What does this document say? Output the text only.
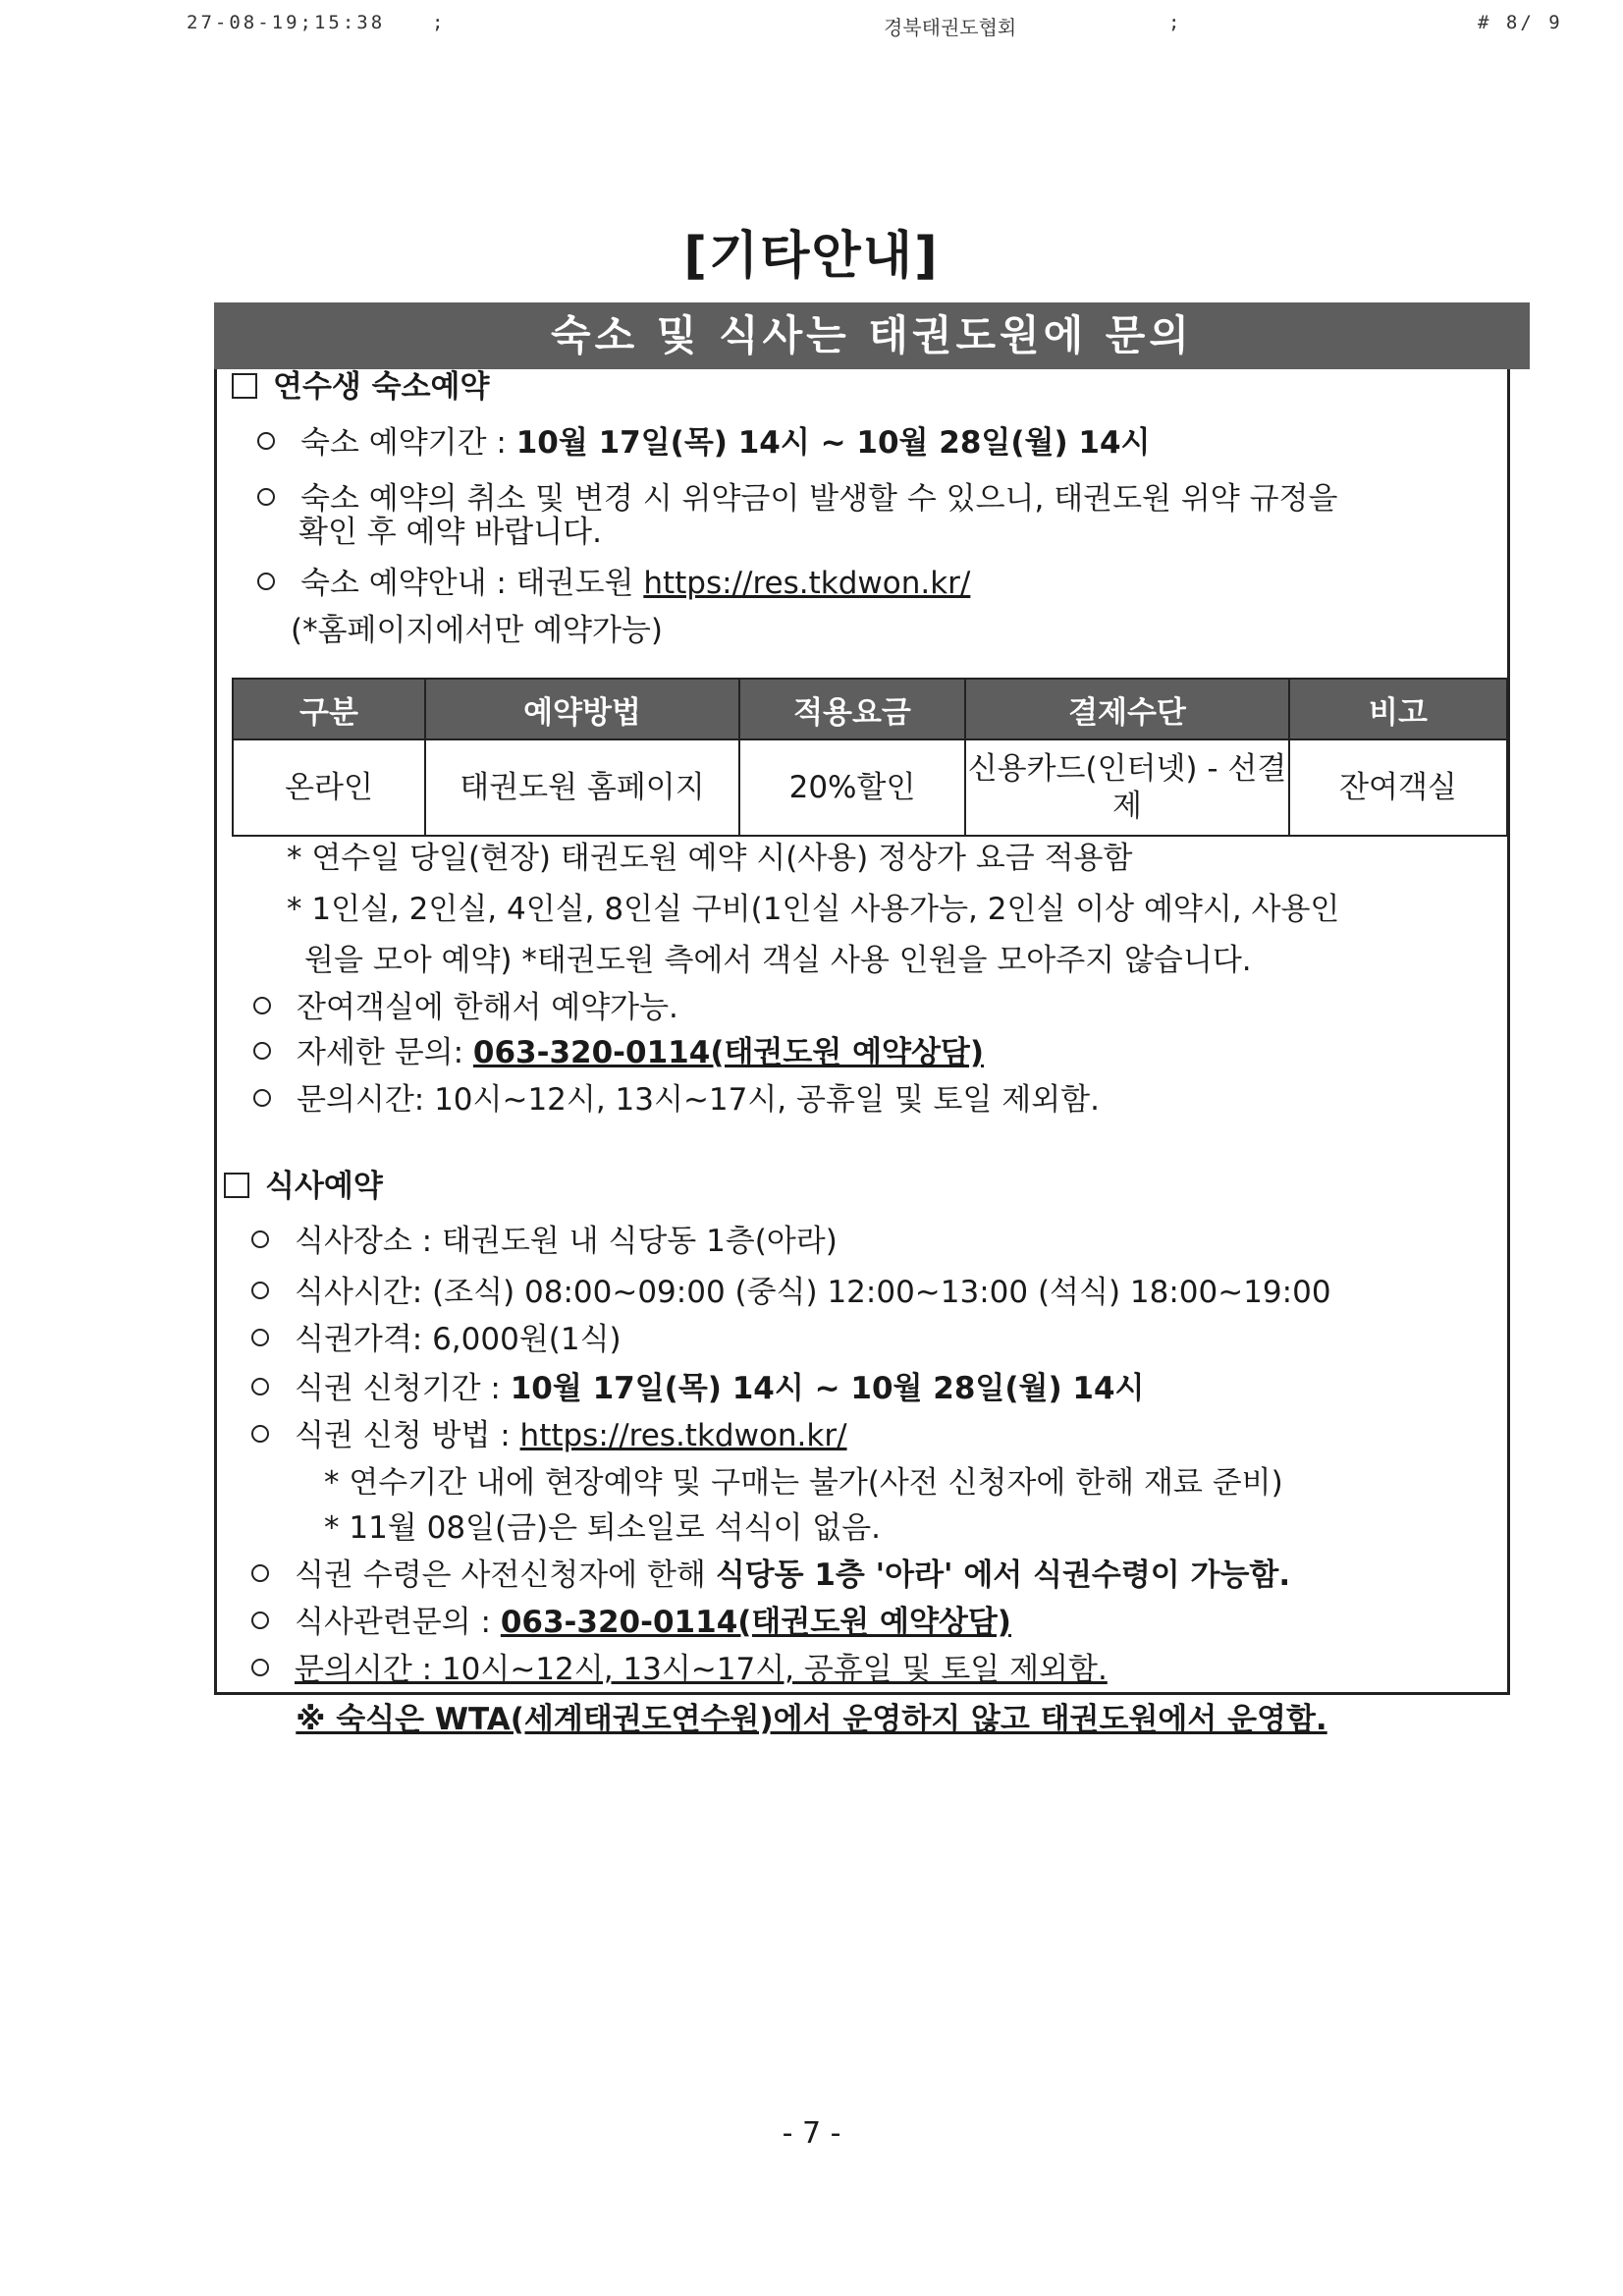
27-08-19;15:38	;	경북태권도협회	;	# 8/ 9
[기타안내]
숙소 및 식사는 태권도원에 문의
연수생 숙소예약
숙소 예약기간 : 10월 17일(목) 14시 ~ 10월 28일(월) 14시
숙소 예약의 취소 및 변경 시 위약금이 발생할 수 있으니, 태권도원 위약 규정을
확인 후 예약 바랍니다.
숙소 예약안내 : 태권도원 https://res.tkdwon.kr/
(*홈페이지에서만 예약가능)
구분	예약방법	적용요금	결제수단	비고
온라인	태권도원 홈페이지	20%할인	신용카드(인터넷) - 선결제	잔여객실
* 연수일 당일(현장) 태권도원 예약 시(사용) 정상가 요금 적용함
* 1인실, 2인실, 4인실, 8인실 구비(1인실 사용가능, 2인실 이상 예약시, 사용인
원을 모아 예약) *태권도원 측에서 객실 사용 인원을 모아주지 않습니다.
잔여객실에 한해서 예약가능.
자세한 문의: 063-320-0114(태권도원 예약상담)
문의시간: 10시~12시, 13시~17시, 공휴일 및 토일 제외함.
식사예약
식사장소 : 태권도원 내 식당동 1층(아라)
식사시간: (조식) 08:00~09:00 (중식) 12:00~13:00 (석식) 18:00~19:00
식권가격: 6,000원(1식)
식권 신청기간 : 10월 17일(목) 14시 ~ 10월 28일(월) 14시
식권 신청 방법 : https://res.tkdwon.kr/
* 연수기간 내에 현장예약 및 구매는 불가(사전 신청자에 한해 재료 준비)
* 11월 08일(금)은 퇴소일로 석식이 없음.
식권 수령은 사전신청자에 한해 식당동 1층 '아라' 에서 식권수령이 가능함.
식사관련문의 : 063-320-0114(태권도원 예약상담)
문의시간 : 10시~12시, 13시~17시, 공휴일 및 토일 제외함.
※ 숙식은 WTA(세계태권도연수원)에서 운영하지 않고 태권도원에서 운영함.
- 7 -
